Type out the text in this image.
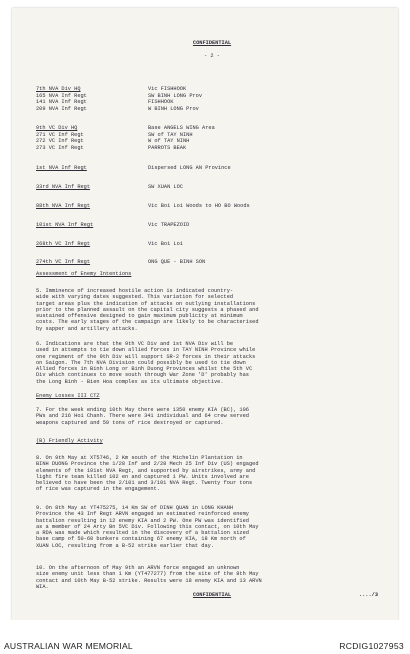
CONFIDENTIAL
- 2 -
7th NVA Div HQ	Vic FISHHOOK
165 NVA Inf Regt	SW BINH LONG Prov
141 NVA Inf Regt	FISHHOOK
209 NVA Inf Regt	W BINH LONG Prov
9th VC Div HQ	Base ANGELS WING Area
271 VC Inf Regt	SW of TAY NINH
272 VC Inf Regt	W of TAY NINH
273 VC Inf Regt	PARROTS BEAK
1st NVA Inf Regt	Dispersed LONG AN Province
33rd NVA Inf Regt	SW XUAN LOC
88th NVA Inf Regt	Vic Boi Loi Woods to HO BO Woods
101st NVA Inf Regt	Vic TRAPEZOID
268th VC Inf Regt	Vic Boi Loi
274th VC Inf Regt	ONG QUE - BINH SON
Assessment of Enemy Intentions

5. Imminence of increased hostile action is indicated country-

wide with varying dates suggested. This variation for selected

target areas plus the indication of attacks on outlying installations

prior to the planned assault on the capital city suggests a phased and

sustained offensive designed to gain maximum publicity at minimum

costs. The early stages of the campaign are likely to be characterised

by sapper and artillery attacks.

6. Indications are that the 9th VC Div and 1st NVA Div will be

used in attempts to tie down allied forces in TAY NINH Province while

one regiment of the 9th Div will support SR-2 forces in their attacks

on Saigon. The 7th NVA Division could possibly be used to tie down

Allied forces in Binh Long or Binh Duong Provinces whilst the 5th VC

Div which continues to move south through War Zone 'D' probably has

the Long Binh - Bien Hoa complex as its ultimate objective.

Enemy Losses III CTZ

7. For the week ending 10th May there were 1350 enemy KIA (BC), 106

PWs and 216 Hoi Chanh. There were 341 individual and 64 crew served

weapons captured and 59 tons of rice destroyed or captured.

(B) Friendly Activity

8. On 9th May at XT5746, 2 Km south of the Michelin Plantation in

BINH DUONG Province the 1/28 Inf and 2/28 Mech 25 Inf Div (US) engaged

elements of the 101st NVA Regt, and supported by airstrikes, army and

light fire team killed 102 en and captured 1 PW. Units involved are

believed to have been the 2/101 and 3/101 NVA Regt. Twenty four tons

of rice was captured in the engagement.

9. On 8th May at YT475275, 14 Km SW of DINH QUAN in LONG KHANH

Province the 43 Inf Regt ARVN engaged an estimated reinforced enemy

battalion resulting in 12 enemy KIA and 2 PW. One PW was identified

as a member of 24 Arty Bn 5VC Div. Following this contact, on 10th May

a RDA was made which resulted in the discovery of a battalion sized

base camp of 50-60 bunkers containing 67 enemy KIA, 18 Km north of

XUAN LOC, resulting from a B-52 strike earlier that day.

10. On the afternoon of May 9th an ARVN force engaged an unknown

size enemy unit less than 1 Km (YT477277) from the site of the 8th May

contact and 10th May B-52 strike. Results were 18 enemy KIA and 13 ARVN

WIA.

CONFIDENTIAL	..../3
AUSTRALIAN WAR MEMORIAL	RCDIG1027953
